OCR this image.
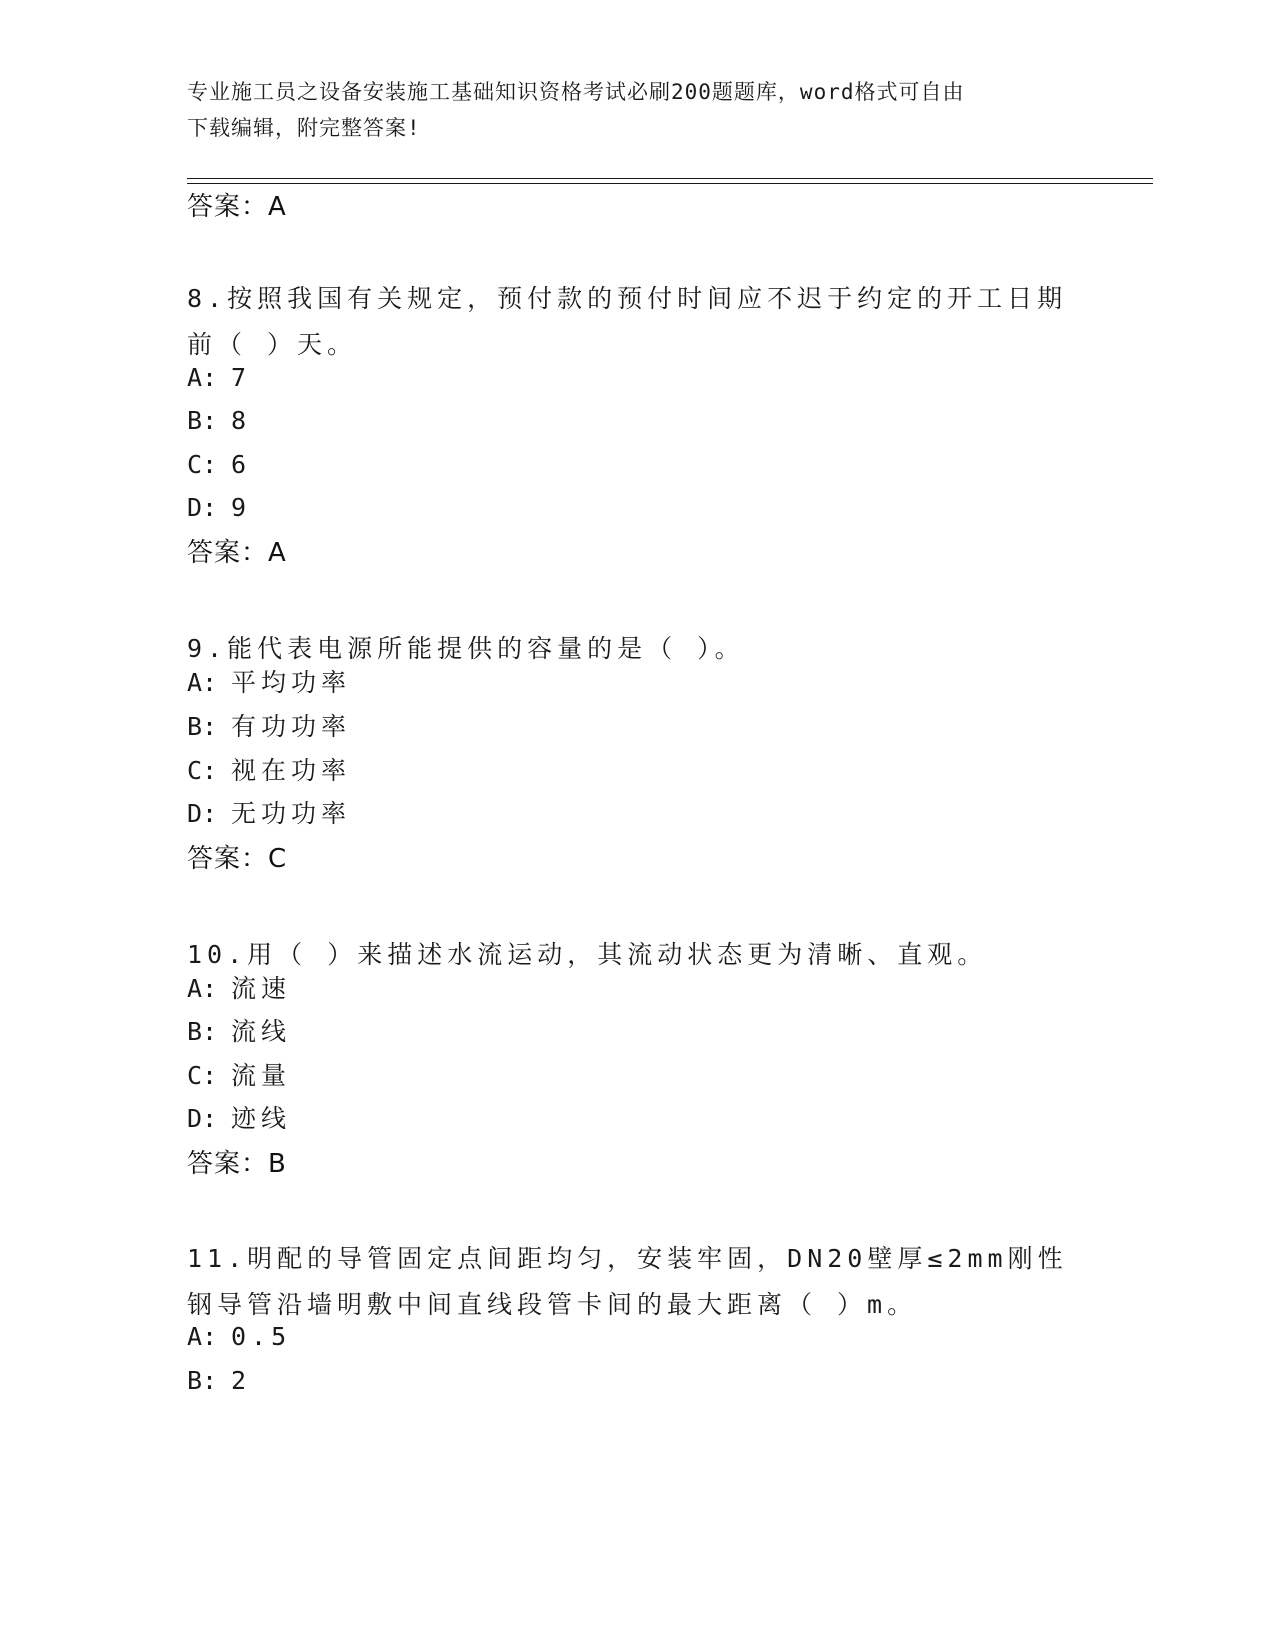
专业施工员之设备安装施工基础知识资格考试必刷200题题库，word格式可自由
下载编辑，附完整答案!
答案：A
8.按照我国有关规定，预付款的预付时间应不迟于约定的开工日期前（ ）天。
A: 7
B: 8
C: 6
D: 9
答案：A
9.能代表电源所能提供的容量的是（ ）。
A: 平均功率
B: 有功功率
C: 视在功率
D: 无功功率
答案：C
10.用（ ）来描述水流运动，其流动状态更为清晰、直观。
A: 流速
B: 流线
C: 流量
D: 迹线
答案：B
11.明配的导管固定点间距均匀，安装牢固，DN20壁厚≤2mm刚性钢导管沿墙明敷中间直线段管卡间的最大距离（ ）m。
A: 0.5
B: 2
